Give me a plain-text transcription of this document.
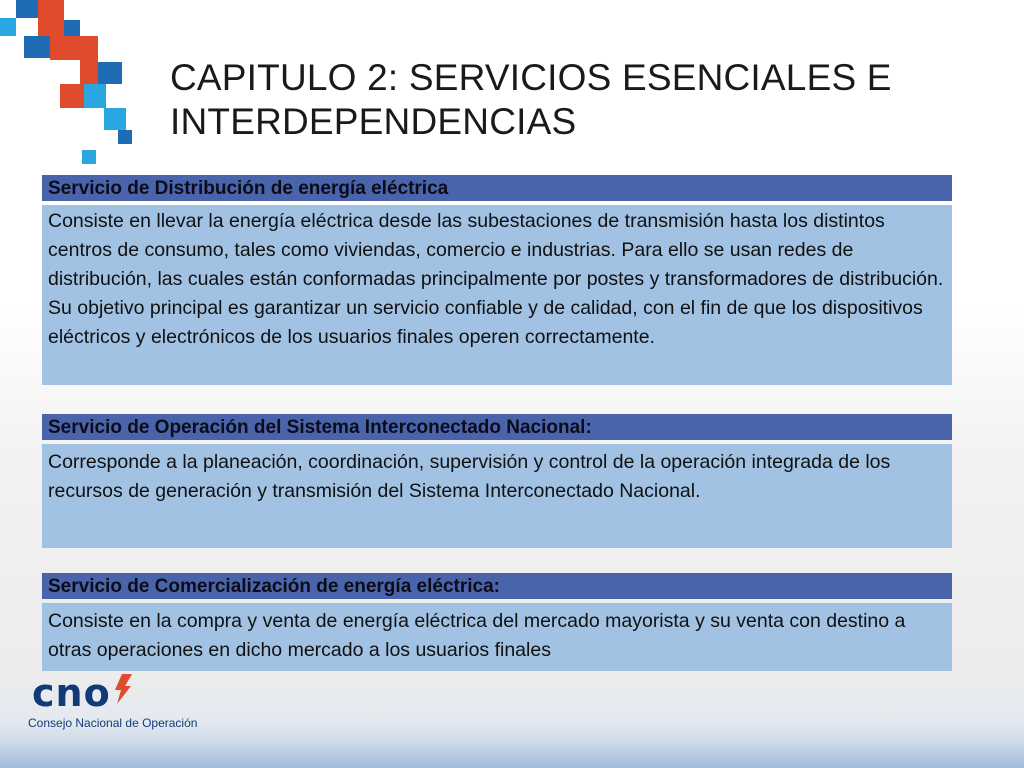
CAPITULO 2: SERVICIOS ESENCIALES E
INTERDEPENDENCIAS
Servicio de Distribución de energía eléctrica
Consiste en llevar la energía eléctrica desde las subestaciones de transmisión hasta los distintos centros de consumo, tales como viviendas, comercio e industrias. Para ello se usan redes de distribución, las cuales están conformadas principalmente por postes y transformadores de distribución. Su objetivo principal es garantizar un servicio confiable y de calidad, con el fin de que los dispositivos eléctricos y electrónicos de los usuarios finales operen correctamente.
Servicio de Operación del Sistema Interconectado Nacional:
Corresponde a la planeación, coordinación, supervisión y control de la operación integrada de los recursos de generación y transmisión del Sistema Interconectado Nacional.
Servicio de Comercialización de energía eléctrica:
Consiste en la compra y venta de energía eléctrica del mercado mayorista y su venta con destino a otras operaciones en dicho mercado a los usuarios finales
cno
Consejo Nacional de Operación
